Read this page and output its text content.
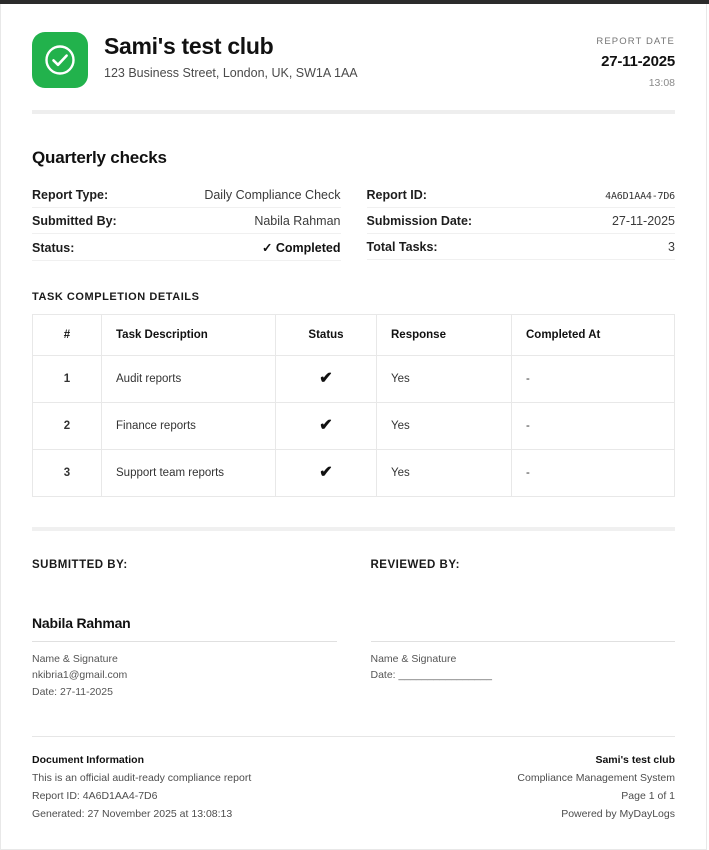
Sami's test club
123 Business Street, London, UK, SW1A 1AA
REPORT DATE
27-11-2025
13:08
Quarterly checks
Report Type:	Daily Compliance Check
Submitted By:	Nabila Rahman
Status:	✓ Completed
Report ID:	4A6D1AA4-7D6
Submission Date:	27-11-2025
Total Tasks:	3
TASK COMPLETION DETAILS
#	Task Description	Status	Response	Completed At
1	Audit reports	✔	Yes	-
2	Finance reports	✔	Yes	-
3	Support team reports	✔	Yes	-
SUBMITTED BY:
Nabila Rahman
Name & Signature
nkibria1@gmail.com
Date: 27-11-2025
REVIEWED BY:
Name & Signature
Date: ________________
Document Information
This is an official audit-ready compliance report
Report ID: 4A6D1AA4-7D6
Generated: 27 November 2025 at 13:08:13
Sami's test club
Compliance Management System
Page 1 of 1
Powered by MyDayLogs
